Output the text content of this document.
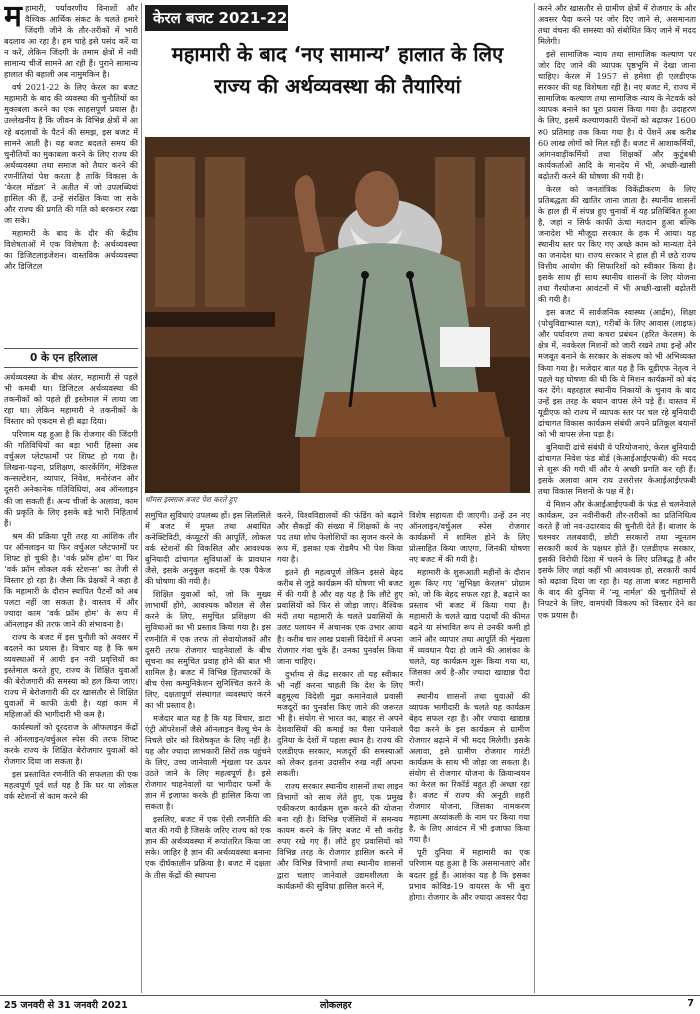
महामारी, पर्यावरणीय विनाशों और वैश्विक आर्थिक संकट के चलते हमारे जिंदगी जीने के तौर-तरीकों में भारी बदलाव आ रहा है। हम चाहे इसे पसंद करें या न करें, लेकिन जिंदगी के तमाम क्षेत्रों में नयी सामान्य चीजें सामने आ रही हैं। पुराने सामान्य हालात की बहाली अब नामुमकिन है।

वर्ष 2021-22 के लिए केरल का बजट महामारी के बाद की व्यवस्था की चुनौतियों का मुकाबला करने का एक साहसपूर्ण प्रयास है। उल्लेखनीय है कि जीवन के विभिन्न क्षेत्रों में आ रहे बदलावों के पैटर्न की समझ, इस बजट में सामने आती है। यह बजट बदलते समय की चुनौतियों का मुकाबला करने के लिए राज्य की अर्थव्यवस्था तथा समाज को तैयार करने की रणनीतियां पेश करता है ताकि विकास के ‘केरल मॉडल’ ने अतीत में जो उपलब्धियां हासिल की हैं, उन्हें संरक्षित किया जा सके और राज्य की प्रगति की गति को बरकरार रखा जा सके।

महामारी के बाद के दौर की केंद्रीय विशेषताओं में एक विशेषता है: अर्थव्यवस्था का डिजिटलाइजेशन। वास्तविक अर्थव्यवस्था और डिजिटल

0 के एन हरिलाल

अर्थव्यवस्था के बीच अंतर, महामारी से पहले भी कमबी था। डिजिटल अर्थव्यवस्था की तकनीकों को पहले ही इस्तेमाल में लाया जा रहा था। लेकिन महामारी ने तकनीकों के विस्तार को एकदम से ही बढ़ा दिया।

परिणाम यह हुआ है कि रोजगार की जिंदगी की गतिविधियों का बड़ा भारी हिस्सा अब वर्चुअल प्लेटफार्मों पर शिफ्ट हो गया है। लिखना-पढ़ना, प्रशिक्षण, कारकेंगिंग, मेडिकल कन्सल्टेशन, व्यापार, निवेश, मनोरंजन और दूसरी अनेकानेक गतिविधियां, अब ऑनलाइन की जा सकती हैं। अन्य चीजों के अलावा, काम की प्रकृति के लिए इसके बड़े भारी निहितार्थ हैं।

श्रम की प्रक्रिया पूरी तरह या आंशिक तौर पर ऑनलाइन या फिर वर्चुअल प्लेटफार्मों पर शिफ्ट हो चुकी है। ‘वर्क फ्रॉम होम’ या फिर ‘वर्क फ्रॉम लोकल वर्क स्टेशन्स’ का तेजी से विस्तार हो रहा है। जैसा कि प्रेक्षकों ने कहा है कि महामारी के दौरान स्थापित पैटर्नों को अब पलटा नहीं जा सकता है। वास्तव में और ज्यादा काम ‘वर्क फ्रॉम होम’ के रूप में ऑनलाइन की तरफ जाने की संभावना है।

राज्य के बजट में इस चुनौती को अवसर में बदलने का प्रयास है। विचार यह है कि श्रम व्यवस्थाओं में आयी इन नयी प्रवृत्तियों का इस्तेमाल करते हुए, राज्य के शिक्षित युवाओं की बेरोजगारी की समस्या को हल किया जाए। राज्य में बेरोजगारी की दर खासतौर से शिक्षित युवाओं में काफी ऊंची है। यहां काम में महिलाओं की भागीदारी भी कम है।

कार्यस्थलों को दूरदराज के ऑफलाइन केंद्रों से ऑनलाइन/वर्चुअल स्पेस की तरफ शिफ्ट करके राज्य के शिक्षित बेरोजगार युवाओं को रोजगार दिया जा सकता है।

इस प्रस्तावित रणनीति की सफलता की एक महत्वपूर्ण पूर्व शर्त यह है कि घर या लोकल वर्क स्टेशनों से काम करने की

केरल बजट 2021-22
महामारी के बाद ‘नए सामान्य’ हालात के लिए
राज्य की अर्थव्यवस्था की तैयारियां
थॉमस इस्साक बजट पेश करते हुए

समुचित सुविधाएं उपलब्ध हों। इस सिलसिले में बजट में मुफ्त तथा अबाधित कनेक्टिविटी, कंप्यूटरों की आपूर्ति, लोकल वर्क स्टेशनों की विकसित और आवश्यक बुनियादी ढांचागत सुविधाओं के प्रावधान जैसे, इसके अनुकूल कदमों के एक पैकेज की घोषणा की गयी है।

शिक्षित युवाओं को, जो कि मुख्य लाभार्थी होंगे, आवश्यक कौशल से लैस करने के लिए, समुचित प्रशिक्षण की सुविधाओं का भी प्रस्ताव किया गया है। इस रणनीति में एक तरफ तो सेवायोजकों और दूसरी तरफ रोजगार चाहनेवालों के बीच सूचना का समुचित प्रवाह होने की बात भी शामिल है। बजट में विभिन्न हितधारकों के बीच ऐसा कम्युनिकेशन सुनिश्चित करने के लिए, दक्षतापूर्ण संस्थागत व्यवस्थाएं करने का भी प्रस्ताव है।

मजेदार बात यह है कि यह विचार, डाटा एंट्री ऑपरेशनों जैसे ऑनलाइन वैल्यू चेन के निचले छोर को विशेषकृत के लिए नहीं है। यह और ज्यादा लाभकारी सिरों तक पहुंचने के लिए, उच्च जानेवाली शृंखला पर ऊपर उठते जाने के लिए महत्वपूर्ण है। इसे रोजगार चाहनेवालों या भागीदार फर्मों के ज्ञान में इजाफा करके ही हासिल किया जा सकता है।

इसलिए, बजट में एक ऐसी रणनीति की बात की गयी है जिसके जरिए राज्य को एक ज्ञान की अर्थव्यवस्था में रूपांतरित किया जा सके। जाहिर है ज्ञान की अर्थव्यवस्था बनाना एक दीर्घकालीन प्रक्रिया है। बजट में दक्षता के तीस केंद्रों की स्थापना

करने, विश्वविद्यालयों की फंडिंग को बढ़ाने और सैकड़ों की संख्या में शिक्षकों के नए पद तथा शोध फेलोशिपों का सृजन करने के रूप में, इसका एक रोडमैप भी पेश किया गया है।

इतने ही महत्वपूर्ण लेकिन इससे बेहद करीब से जुड़े कार्यक्रम की घोषणा भी बजट में की गयी है और वह यह है कि लौटे हुए प्रवासियों को फिर से जोड़ा जाए। वैश्विक मंदी तथा महामारी के चलते प्रवासियों के उलट पलायन में अचानक एक उभार आया है। करीब चार लाख प्रवासी विदेशों में अपना रोजगार गंवा चुके हैं। उनका पुनर्वास किया जाना चाहिए।

दुर्भाग्य से केंद्र सरकार तो यह स्वीकार भी नहीं करना चाहती कि देश के लिए बहुमूल्य विदेशी मुद्रा कमानेवाले प्रवासी मजदूरों का पुनर्वास किए जाने की जरूरत भी है। संयोग से भारत का, बाहर से अपने देशवासियों की कमाई का पैसा पानेवाले दुनिया के देशों में पहला स्थान है। राज्य की एलडीएफ सरकार, मजदूरों की समस्याओं को लेकर इतना उदासीन रुख नहीं अपना सकती।

राज्य सरकार स्थानीय शासनों तथा लाइन विभागों को साथ लेते हुए, एक प्रमुख एकीकरण कार्यक्रम शुरू करने की योजना बना रही है। विभिन्न एजेंसियों में समन्वय कायम करने के लिए बजट में सौ करोड़ रुपए रखे गए हैं। लौटे हुए प्रवासियों को विभिन्न तरह के रोजगार हासिल करने में और विभिन्न विभागों तथा स्थानीय शासनों द्वारा चलाए जानेवाले उद्यमशीलता के कार्यक्रमों की सुविधा हासिल करने में,

विशेष सहायता दी जाएगी। उन्हें उन नए ऑनलाइन/वर्चुअल स्पेस रोजगार कार्यक्रमों में शामिल होने के लिए प्रोत्साहित किया जाएगा, जिनकी घोषणा नए बजट में की गयी है।

महामारी के शुरूआती महीनों के दौरान शुरू किए गए ‘सुभिक्षा केरलम’ प्रोग्राम को, जो कि बेहद सफल रहा है, बढ़ाने का प्रस्ताव भी बजट में किया गया है। महामारी के चलते खाद्य पदार्थों की कीमत बढ़ने या संभावित रूप से उनकी कमी हो जाने और व्यापार तथा आपूर्ति की शृंखला में व्यवधान पैदा हो जाने की आशंका के चलते, यह कार्यक्रम शुरू किया गया था, जिसका अर्थ है-और ज्यादा खाद्यान्न पैदा करो।

स्थानीय शासनों तथा युवाओं की व्यापक भागीदारी के चलते यह कार्यक्रम बेहद सफल रहा है। और ज्यादा खाद्यान्न पैदा करने के इस कार्यक्रम से ग्रामीण रोजगार बढ़ाने में भी मदद मिलेगी। इसके अलावा, इसे ग्रामीण रोजगार गारंटी कार्यक्रम के साथ भी जोड़ा जा सकता है। संयोग से रोजगार योजना के क्रियान्वयन का केरल का रिकॉर्ड बहुत ही अच्छा रहा है। बजट में राज्य की अनूठी शहरी रोजगार योजना, जिसका नामकरण महात्मा अय्यांकली के नाम पर किया गया है, के लिए आवंटन में भी इजाफा किया गया है।

पूरी दुनिया में महामारी का एक परिणाम यह हुआ है कि असमानताएं और बदतर हुई हैं। आशंका यह है कि इसका प्रभाव कोविड-19 वायरस के भी बुरा होगा। रोजगार के और ज्यादा अवसर पैदा

करने और खासतौर से ग्रामीण क्षेत्रों में रोजगार के और अवसर पैदा करने पर जोर दिए जाने से, असमानता तथा वंचना की समस्या को संबोधित किए जाने में मदद मिलेगी।

इसे सामाजिक न्याय तथा सामाजिक कल्याण पर जोर दिए जाने की व्यापक पृष्ठभूमि में देखा जाना चाहिए। केरल में 1957 से हमेशा ही एलडीएफ सरकार की यह विशेषता रही है। नए बजट में, राज्य में सामाजिक कल्याण तथा सामाजिक न्याय के नेटवर्क को व्यापक बनाने का पूरा प्रयास किया गया है। उदाहरण के लिए, इसमें कल्याणकारी पेंशनों को बढ़ाकर 1600 रु0 प्रतिमाह तक किया गया है। ये पेंशनें अब करीब 60 लाख लोगों को मिल रही हैं। बजट में आशाकर्मियों, आंगनवाड़ीकर्मियों तथा शिक्षकों और कुटुंबश्री कार्यकर्ताओं आदि के मानदेय में भी, अच्छी-खासी बढ़ोतरी करने की घोषणा की गयी है।

केरल को जनतांत्रिक विकेंद्रीकरण के लिए प्रतिबद्धता की खातिर जाना जाता है। स्थानीय शासनों के हाल ही में संपन्न हुए चुनावों में यह प्रतिबिंबित हुआ है, जहां न सिर्फ काफी ऊंचा मतदान हुआ बल्कि जनादेश भी मौजूदा सरकार के हक में आया। यह स्थानीय स्तर पर किए गए अच्छे काम को मान्यता देने का जनादेश था। राज्य सरकार ने हाल ही में छठे राज्य वित्तीय आयोग की सिफारिशों को स्वीकार किया है। इसके साथ ही साथ स्थानीय शासनों के लिए योजना तथा गैरयोजना आवंटनों में भी अच्छी-खासी बढ़ोतरी की गयी है।

इस बजट में सार्वजनिक स्वास्थ्य (आर्द्रम), शिक्षा (पोथुविद्याभ्यास यज्ञ), गरीबों के लिए आवास (लाइफ) और पर्यावरण तथा कचरा प्रबंधन (हरित केरलम) के क्षेत्र में, नवकेरल मिशनों को जारी रखने तथा इन्हें और मजबूत बनाने के सरकार के संकल्प को भी अभिव्यक्त किया गया है। मजेदार बात यह है कि यूडीएफ नेतृत्व ने पहले यह घोषणा की थी कि ये मिशन कार्यक्रमों को बंद कर देंगे। बहरहाल स्थानीय निकायों के चुनाव के बाद उन्हें इस तरह के बयान वापस लेने पड़े हैं। वास्तव में यूडीएफ को राज्य में व्यापक स्तर पर चल रहे बुनियादी ढांचागत विकास कार्यक्रम संबंधी अपने प्रतिकूल बयानों को भी वापस लेना पड़ा है।

बुनियादी ढांचे संबंधी ये परियोजनाएं, केरल बुनियादी ढांचागत निवेश फंड बोर्ड (केआईआईएफबी) की मदद से शुरू की गयी थीं और ये अच्छी प्रगति कर रही हैं। इसके अलावा आम राय उत्तरोत्तर केआईआईएफबी तथा विकास मिशनों के पक्ष में है।

ये मिशन और केआईआईएफबी के फंड से चलनेवाले कार्यक्रम, उन नवीनीकरी तौर-तरीकों का प्रतिनिधित्व करते हैं जो नव-उदारवाद की चुनौती देते हैं। बाजार के चश्मवर तलबवादी, छोटी सरकारों तथा न्यूनतम सरकारी कार्य के पक्षधर होते हैं। एलडीएफ सरकार, इसकी विरोधी दिशा में चलने के लिए प्रतिबद्ध है और इसके लिए जहां कहीं भी आवश्यक हो, सरकारी कार्य को बढ़ावा दिया जा रहा है। यह ताजा बजट महामारी के बाद की दुनिया में ‘न्यू नार्मल’ की चुनौतियों से निपटने के लिए, वामपंथी विकल्प को विस्तार देने का एक प्रयास है।

25 जनवरी से 31 जनवरी 2021	लोकलहर	7
